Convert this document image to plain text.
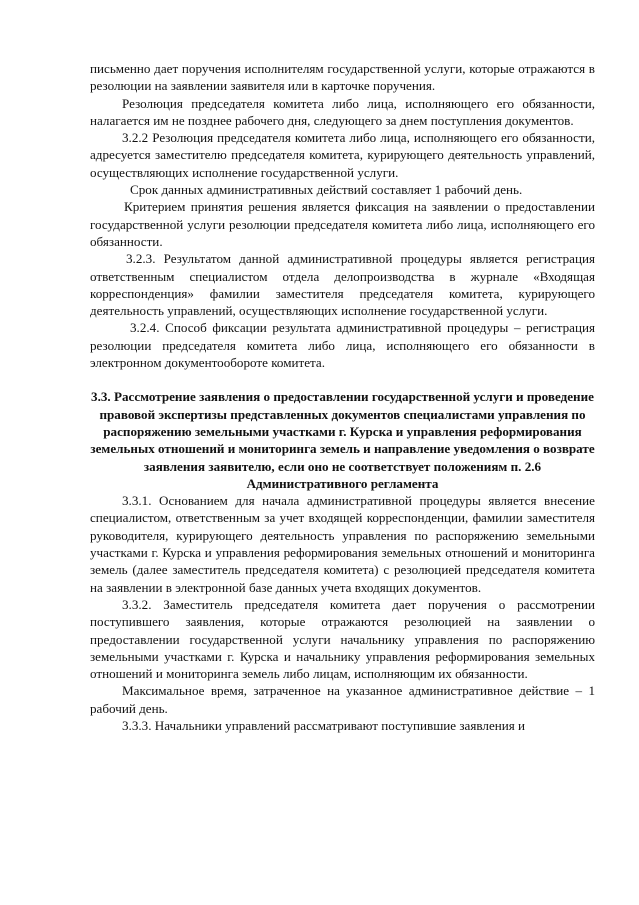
письменно дает поручения исполнителям государственной услуги, которые отражаются в резолюции на заявлении заявителя или в карточке поручения.

Резолюция председателя комитета либо лица, исполняющего его обязанности, налагается им не позднее рабочего дня, следующего за днем поступления документов.

3.2.2 Резолюция председателя комитета либо лица, исполняющего его обязанности, адресуется заместителю председателя комитета, курирующего деятельность управлений, осуществляющих исполнение государственной услуги.

Срок данных административных действий составляет 1 рабочий день.

Критерием принятия решения является фиксация на заявлении о предоставлении государственной услуги резолюции председателя комитета либо лица, исполняющего его обязанности.

3.2.3. Результатом данной административной процедуры является регистрация ответственным специалистом отдела делопроизводства в журнале «Входящая корреспонденция» фамилии заместителя председателя комитета, курирующего деятельность управлений, осуществляющих исполнение государственной услуги.

3.2.4. Способ фиксации результата административной процедуры – регистрация резолюции председателя комитета либо лица, исполняющего его обязанности в электронном документообороте комитета.

3.3. Рассмотрение заявления о предоставлении государственной услуги и проведение правовой экспертизы представленных документов специалистами управления по распоряжению земельными участками г. Курска и управления реформирования земельных отношений и мониторинга земель и направление уведомления о возврате заявления заявителю, если оно не соответствует положениям п. 2.6 Административного регламента

3.3.1. Основанием для начала административной процедуры является внесение специалистом, ответственным за учет входящей корреспонденции, фамилии заместителя руководителя, курирующего деятельность управления по распоряжению земельными участками г. Курска и управления реформирования земельных отношений и мониторинга земель (далее заместитель председателя комитета) с резолюцией председателя комитета на заявлении в электронной базе данных учета входящих документов.

3.3.2. Заместитель председателя комитета дает поручения о рассмотрении поступившего заявления, которые отражаются резолюцией на заявлении о предоставлении государственной услуги начальнику управления по распоряжению земельными участками г. Курска и начальнику управления реформирования земельных отношений и мониторинга земель либо лицам, исполняющим их обязанности.

Максимальное время, затраченное на указанное административное действие – 1 рабочий день.

3.3.3. Начальники управлений рассматривают поступившие заявления и
